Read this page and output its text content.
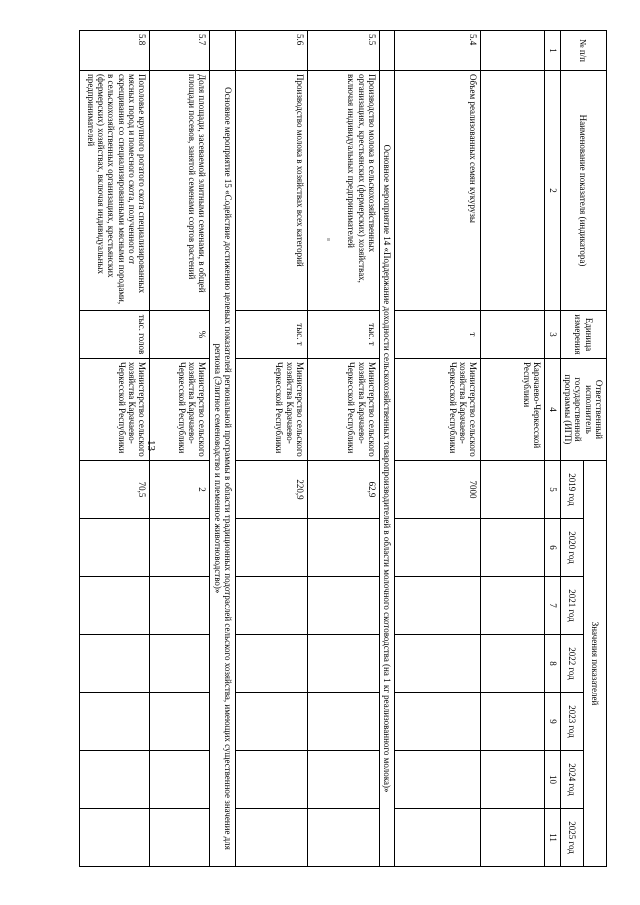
№ п/п	Наименование показателя (индикатора)	Единица измерения	Ответственный исполнитель государственной программы (ИГП)	Значения показателей						
				2019 год	2020 год	2021 год	2022 год	2023 год	2024 год	2025 год
1	2	3	4	5	6	7	8	9	10	11
			Карачаево-Черкесской Республики							
5.4	Объем реализованных семян кукурузы	т	Министерство сельского хозяйства Карачаево-Черкесской Республики	7000						
	Основное мероприятие 14 «Поддержание доходности сельскохозяйственных товаропроизводителей в области молочного скотоводства (на 1 кг реализованного молока)»									
5.5	Производство молока в сельскохозяйственных организациях, крестьянских (фермерских) хозяйствах, включая индивидуальных предпринимателей	тыс. т	Министерство сельского хозяйства Карачаево-Черкесской Республики	62,9						
5.6	Производство молока в хозяйствах всех категорий	тыс. т	Министерство сельского хозяйства Карачаево-Черкесской Республики	220,9						
	Основное мероприятие 15 «Содействие достижению целевых показателей региональной программы в области традиционных подотраслей сельского хозяйства, имеющих существенное значение для региона (Элитное семеноводство и племенное животноводство)»									
5.7	Доля площади, засеваемой элитными семенами, в общей площади посевов, занятой семенами сортов растений	%	Министерство сельского хозяйства Карачаево-Черкесской Республики	2						
5.8	Поголовье крупного рогатого скота специализированных мясных пород и помесного скота, полученного от скрещивания со специализированными мясными породами, в сельскохозяйственных организациях, крестьянских (фермерских) хозяйствах, включая индивидуальных предпринимателей	тыс. голов	Министерство сельского хозяйства Карачаево-Черкесской Республики	70,5						
13
